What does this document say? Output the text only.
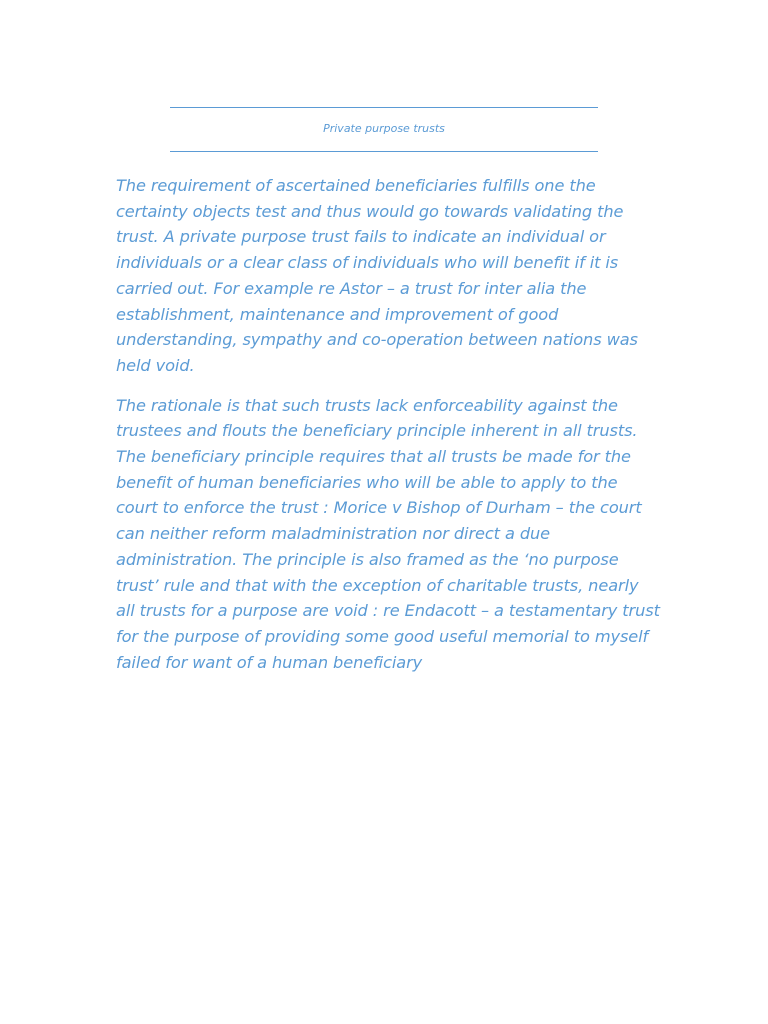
Private purpose trusts

The requirement of ascertained beneficiaries fulfills one the certainty objects test and thus would go towards validating the trust. A private purpose trust fails to indicate an individual or individuals or a clear class of individuals who will benefit if it is carried out. For example re Astor – a trust for inter alia the establishment, maintenance and improvement of good understanding, sympathy and co-operation between nations was held void.

The rationale is that such trusts lack enforceability against the trustees and flouts the beneficiary principle inherent in all trusts. The beneficiary principle requires that all trusts be made for the benefit of human beneficiaries who will be able to apply to the court to enforce the trust : Morice v Bishop of Durham – the court can neither reform maladministration nor direct a due administration. The principle is also framed as the ‘no purpose trust’ rule and that with the exception of charitable trusts, nearly all trusts for a purpose are void : re Endacott – a testamentary trust for the purpose of providing some good useful memorial to myself failed for want of a human beneficiary
